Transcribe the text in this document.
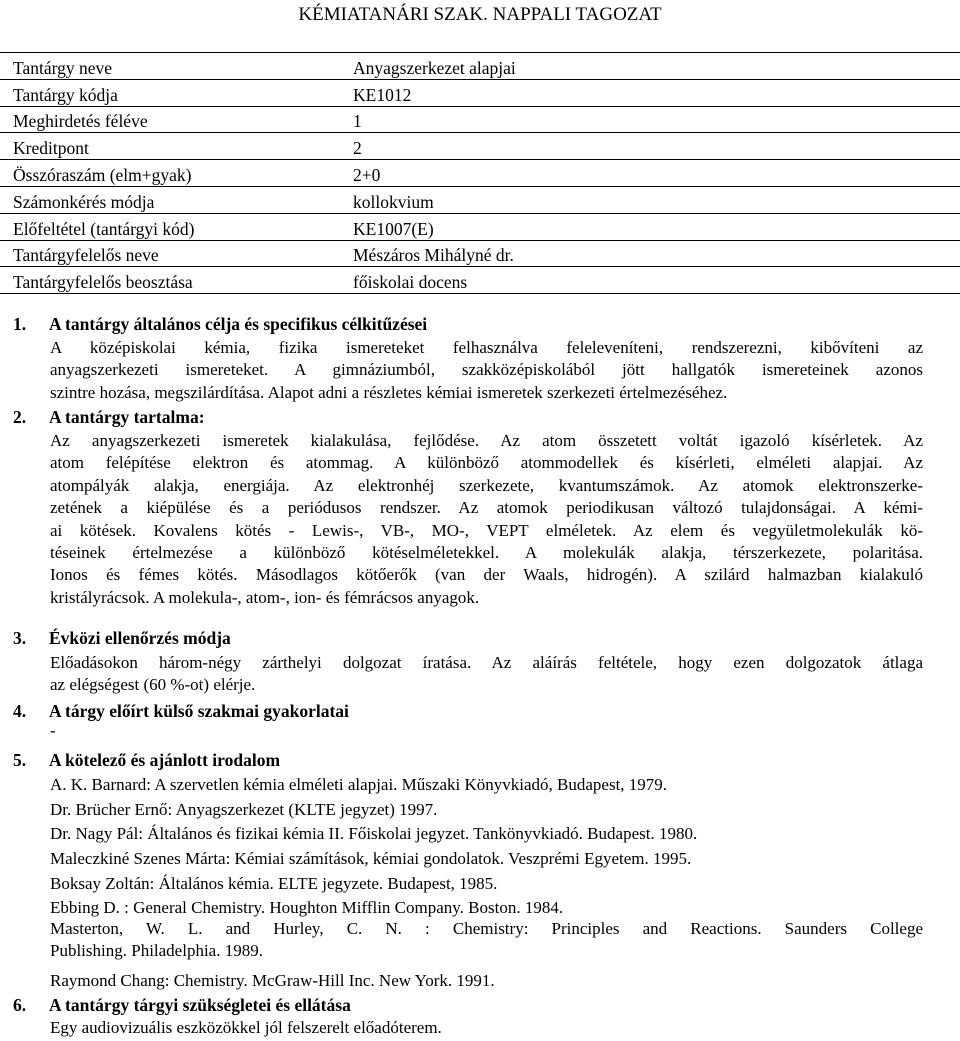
KÉMIATANÁRI SZAK. NAPPALI TAGOZAT
Tantárgy neve	Anyagszerkezet alapjai
Tantárgy kódja	KE1012
Meghirdetés féléve	1
Kreditpont	2
Összóraszám (elm+gyak)	2+0
Számonkérés módja	kollokvium
Előfeltétel (tantárgyi kód)	KE1007(E)
Tantárgyfelelős neve	Mészáros Mihályné dr.
Tantárgyfelelős beosztása	főiskolai docens
1. A tantárgy általános célja és specifikus célkitűzései
A középiskolai kémia, fizika ismereteket felhasználva feleleveníteni, rendszerezni, kibővíteni az
anyagszerkezeti ismereteket. A gimnáziumból, szakközépiskolából jött hallgatók ismereteinek azonos
szintre hozása, megszilárdítása. Alapot adni a részletes kémiai ismeretek szerkezeti értelmezéséhez.
2. A tantárgy tartalma:
Az anyagszerkezeti ismeretek kialakulása, fejlődése. Az atom összetett voltát igazoló kísérletek. Az
atom felépítése elektron és atommag. A különböző atommodellek és kísérleti, elméleti alapjai. Az
atompályák alakja, energiája. Az elektronhéj szerkezete, kvantumszámok. Az atomok elektronszerke-
zetének a kiépülése és a periódusos rendszer. Az atomok periodikusan változó tulajdonságai. A kémi-
ai kötések. Kovalens kötés - Lewis-, VB-, MO-, VEPT elméletek. Az elem és vegyületmolekulák kö-
téseinek értelmezése a különböző kötéselméletekkel. A molekulák alakja, térszerkezete, polaritása.
Ionos és fémes kötés. Másodlagos kötőerők (van der Waals, hidrogén). A szilárd halmazban kialakuló
kristályrácsok. A molekula-, atom-, ion- és fémrácsos anyagok.
3. Évközi ellenőrzés módja
Előadásokon három-négy zárthelyi dolgozat íratása. Az aláírás feltétele, hogy ezen dolgozatok átlaga
az elégségest (60 %-ot) elérje.
4. A tárgy előírt külső szakmai gyakorlatai
-
5. A kötelező és ajánlott irodalom
A. K. Barnard: A szervetlen kémia elméleti alapjai. Műszaki Könyvkiadó, Budapest, 1979.
Dr. Brücher Ernő: Anyagszerkezet (KLTE jegyzet) 1997.
Dr. Nagy Pál: Általános és fizikai kémia II. Főiskolai jegyzet. Tankönyvkiadó. Budapest. 1980.
Maleczkiné Szenes Márta: Kémiai számítások, kémiai gondolatok. Veszprémi Egyetem. 1995.
Boksay Zoltán: Általános kémia. ELTE jegyzete. Budapest, 1985.
Ebbing D. : General Chemistry. Houghton Mifflin Company. Boston. 1984.
Masterton, W. L. and Hurley, C. N. : Chemistry: Principles and Reactions. Saunders College
Publishing. Philadelphia. 1989.
Raymond Chang: Chemistry. McGraw-Hill Inc. New York. 1991.
6. A tantárgy tárgyi szükségletei és ellátása
Egy audiovizuális eszközökkel jól felszerelt előadóterem.
